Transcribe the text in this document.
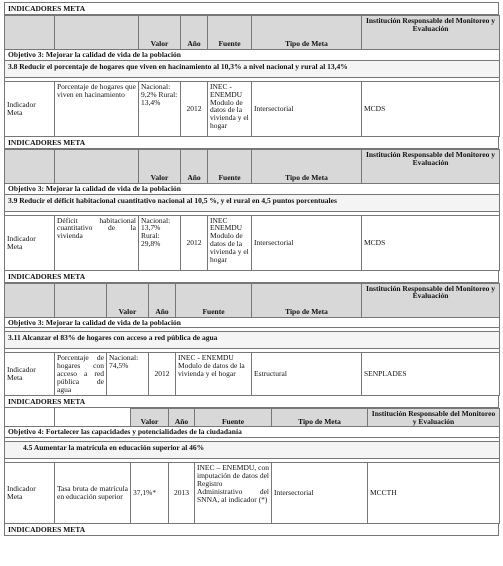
INDICADORES META
		Valor	Año	Fuente	Tipo de Meta	Institución Responsable del Monitoreo y Evaluación
Objetivo 3: Mejorar la calidad de vida de la población						
3.8 Reducir el porcentaje de hogares que viven en hacinamiento al 10,3% a nivel nacional y rural al 13,4%						

Indicador Meta	Porcentaje de hogares que viven en hacinamiento	Nacional: 9,2% Rural: 13,4%	2012	INEC - ENEMDU Modulo de datos de la vivienda y el hogar	Intersectorial	MCDS
INDICADORES META
		Valor	Año	Fuente	Tipo de Meta	Institución Responsable del Monitoreo y Evaluación
Objetivo 3: Mejorar la calidad de vida de la población						
3.9 Reducir el déficit habitacional cuantitativo nacional al 10,5 %, y el rural en 4,5 puntos porcentuales						

Indicador Meta	Déficit habitacional cuantitativo de la vivienda	Nacional: 13,7% Rural: 29,8%	2012	INEC ENEMDU Modulo de datos de la vivienda y el hogar	Intersectorial	MCDS
INDICADORES META
		Valor	Año	Fuente	Tipo de Meta	Institución Responsable del Monitoreo y Evaluación
Objetivo 3: Mejorar la calidad de vida de la población						

3.11 Alcanzar el 83% de hogares con acceso a red pública de agua						

Indicador Meta	Porcentaje de hogares con acceso a red pública de agua	Nacional: 74,5%	2012	INEC - ENEMDU Modulo de datos de la vivienda y el hogar	Estructural	SENPLADES
INDICADORES META
		Valor	Año	Fuente	Tipo de Meta	Institución Responsable del Monitoreo y Evaluación
Objetivo 4: Fortalecer las capacidades y potencialidades de la ciudadanía						

4.5 Aumentar la matrícula en educación superior al 46%						

Indicador Meta	Tasa bruta de matrícula en educación superior	37,1%*	2013	INEC – ENEMDU, con imputación de datos del Registro Administrativo del SNNA, al indicador (*)	Intersectorial	MCCTH
INDICADORES META
